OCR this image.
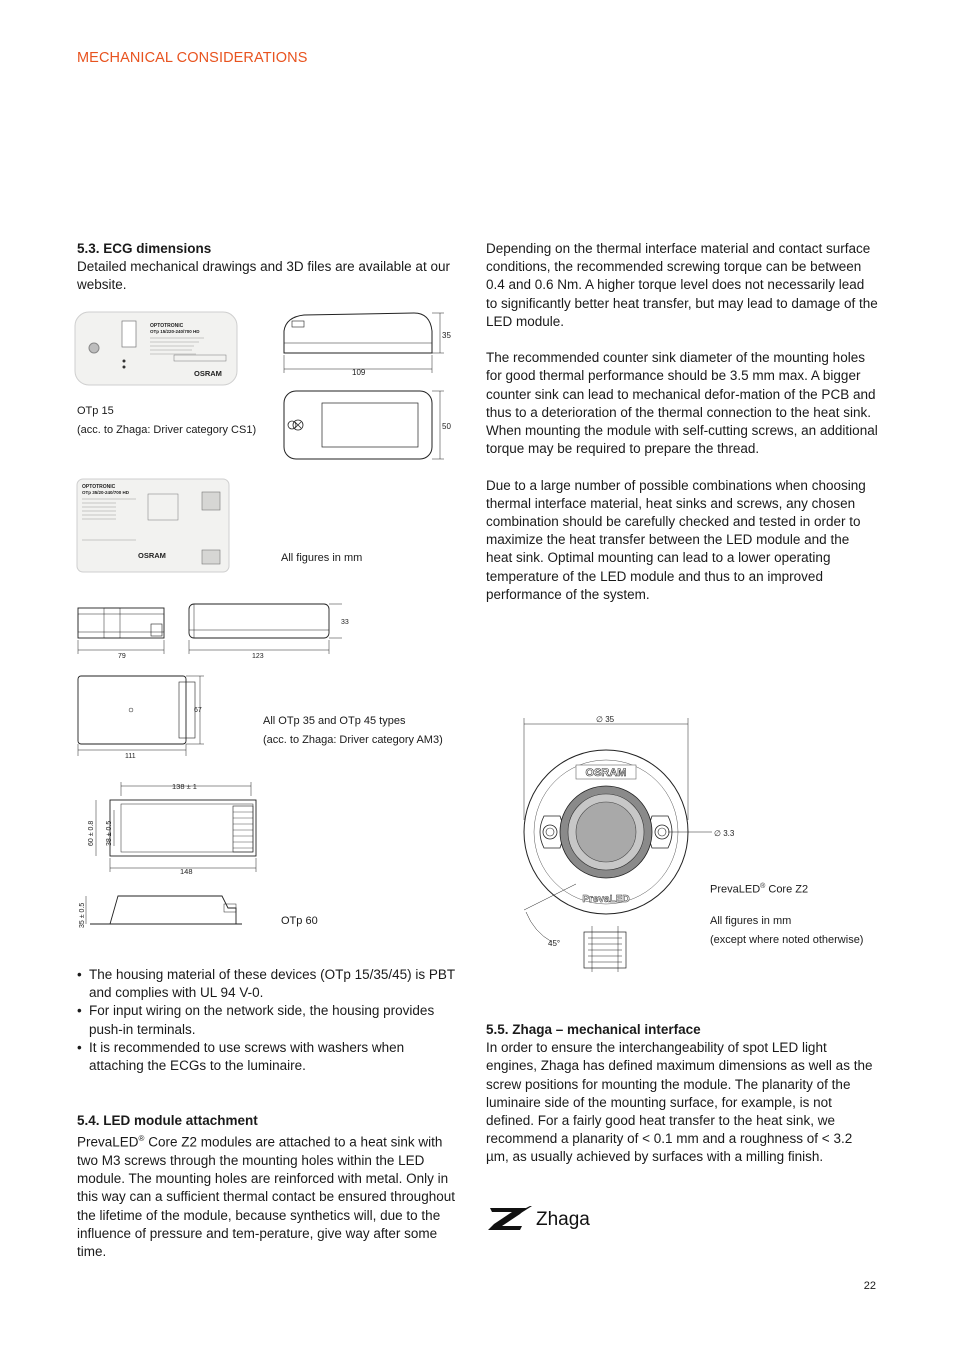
MECHANICAL CONSIDERATIONS

5.3. ECG dimensions

Detailed mechanical drawings and 3D files are available at our website.

OPTOTRONIC
OTp 15/220-240/700 HD
OSRAM
35
109
50
OTp 15
(acc. to Zhaga: Driver category CS1)
OPTOTRONIC
OTp 35/20-240/700 HD
OSRAM	All figures in mm
79
33
123
67
111
All OTp 35 and OTp 45 types
(acc. to Zhaga: Driver category AM3)
138 ± 1
60 ± 0.8 38 ± 0.5
148
35 ± 0.5	OTp 60
• The housing material of these devices (OTp 15/35/45) is PBT and complies with UL 94 V-0.
• For input wiring on the network side, the housing provides push-in terminals.
• It is recommended to use screws with washers when attaching the ECGs to the luminaire.

5.4. LED module attachment

PrevaLED® Core Z2 modules are attached to a heat sink with two M3 screws through the mounting holes within the LED module. The mounting holes are reinforced with metal. Only in this way can a sufficient thermal contact be ensured throughout the lifetime of the module, because synthetics will, due to the influence of pressure and tem-perature, give way after some time.

Depending on the thermal interface material and contact surface conditions, the recommended screwing torque can be between 0.4 and 0.6 Nm. A higher torque level does not necessarily lead to significantly better heat transfer, but may lead to damage of the LED module.

The recommended counter sink diameter of the mounting holes for good thermal performance should be 3.5 mm max. A bigger counter sink can lead to mechanical defor-mation of the PCB and thus to a deterioration of the thermal connection to the heat sink. When mounting the module with self-cutting screws, an additional torque may be required to prepare the thread.

Due to a large number of possible combinations when choosing thermal interface material, heat sinks and screws, any chosen combination should be carefully checked and tested in order to maximize the heat transfer between the LED module and the heat sink. Optimal mounting can lead to a lower operating temperature of the LED module and thus to an improved performance of the system.

∅ 35
OSRAM
∅ 3.3
PrevaLED
45°
PrevaLED® Core Z2
All figures in mm
(except where noted otherwise)

5.5. Zhaga – mechanical interface

In order to ensure the interchangeability of spot LED light engines, Zhaga has defined maximum dimensions as well as the screw positions for mounting the module. The planarity of the luminaire side of the mounting surface, for example, is not defined. For a fairly good heat transfer to the heat sink, we recommend a planarity of < 0.1 mm and a roughness of < 3.2 µm, as usually achieved by surfaces with a milling finish.

Zhaga
22
